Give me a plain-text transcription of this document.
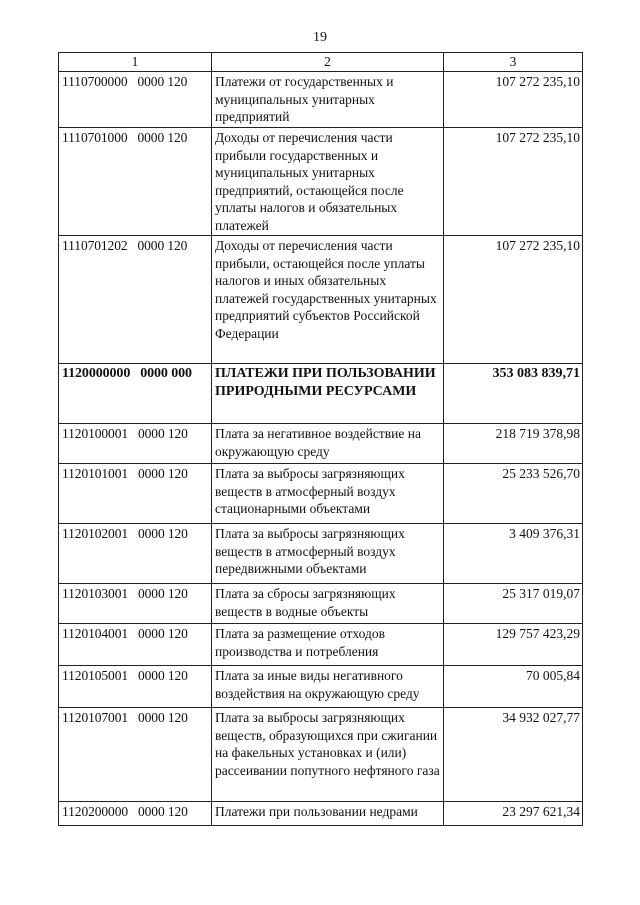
19
1	2	3
1110700000 0000 120	Платежи от государственных и муниципальных унитарных предприятий	107 272 235,10
1110701000 0000 120	Доходы от перечисления части прибыли государственных и муниципальных унитарных предприятий, остающейся после уплаты налогов и обязательных платежей	107 272 235,10
1110701202 0000 120	Доходы от перечисления части прибыли, остающейся после уплаты налогов и иных обязательных платежей государственных унитарных предприятий субъектов Российской Федерации	107 272 235,10
1120000000 0000 000	ПЛАТЕЖИ ПРИ ПОЛЬЗОВАНИИ ПРИРОДНЫМИ РЕСУРСАМИ	353 083 839,71
1120100001 0000 120	Плата за негативное воздействие на окружающую среду	218 719 378,98
1120101001 0000 120	Плата за выбросы загрязняющих веществ в атмосферный воздух стационарными объектами	25 233 526,70
1120102001 0000 120	Плата за выбросы загрязняющих веществ в атмосферный воздух передвижными объектами	3 409 376,31
1120103001 0000 120	Плата за сбросы загрязняющих веществ в водные объекты	25 317 019,07
1120104001 0000 120	Плата за размещение отходов производства и потребления	129 757 423,29
1120105001 0000 120	Плата за иные виды негативного воздействия на окружающую среду	70 005,84
1120107001 0000 120	Плата за выбросы загрязняющих веществ, образующихся при сжигании на факельных установках и (или) рассеивании попутного нефтяного газа	34 932 027,77
1120200000 0000 120	Платежи при пользовании недрами	23 297 621,34
